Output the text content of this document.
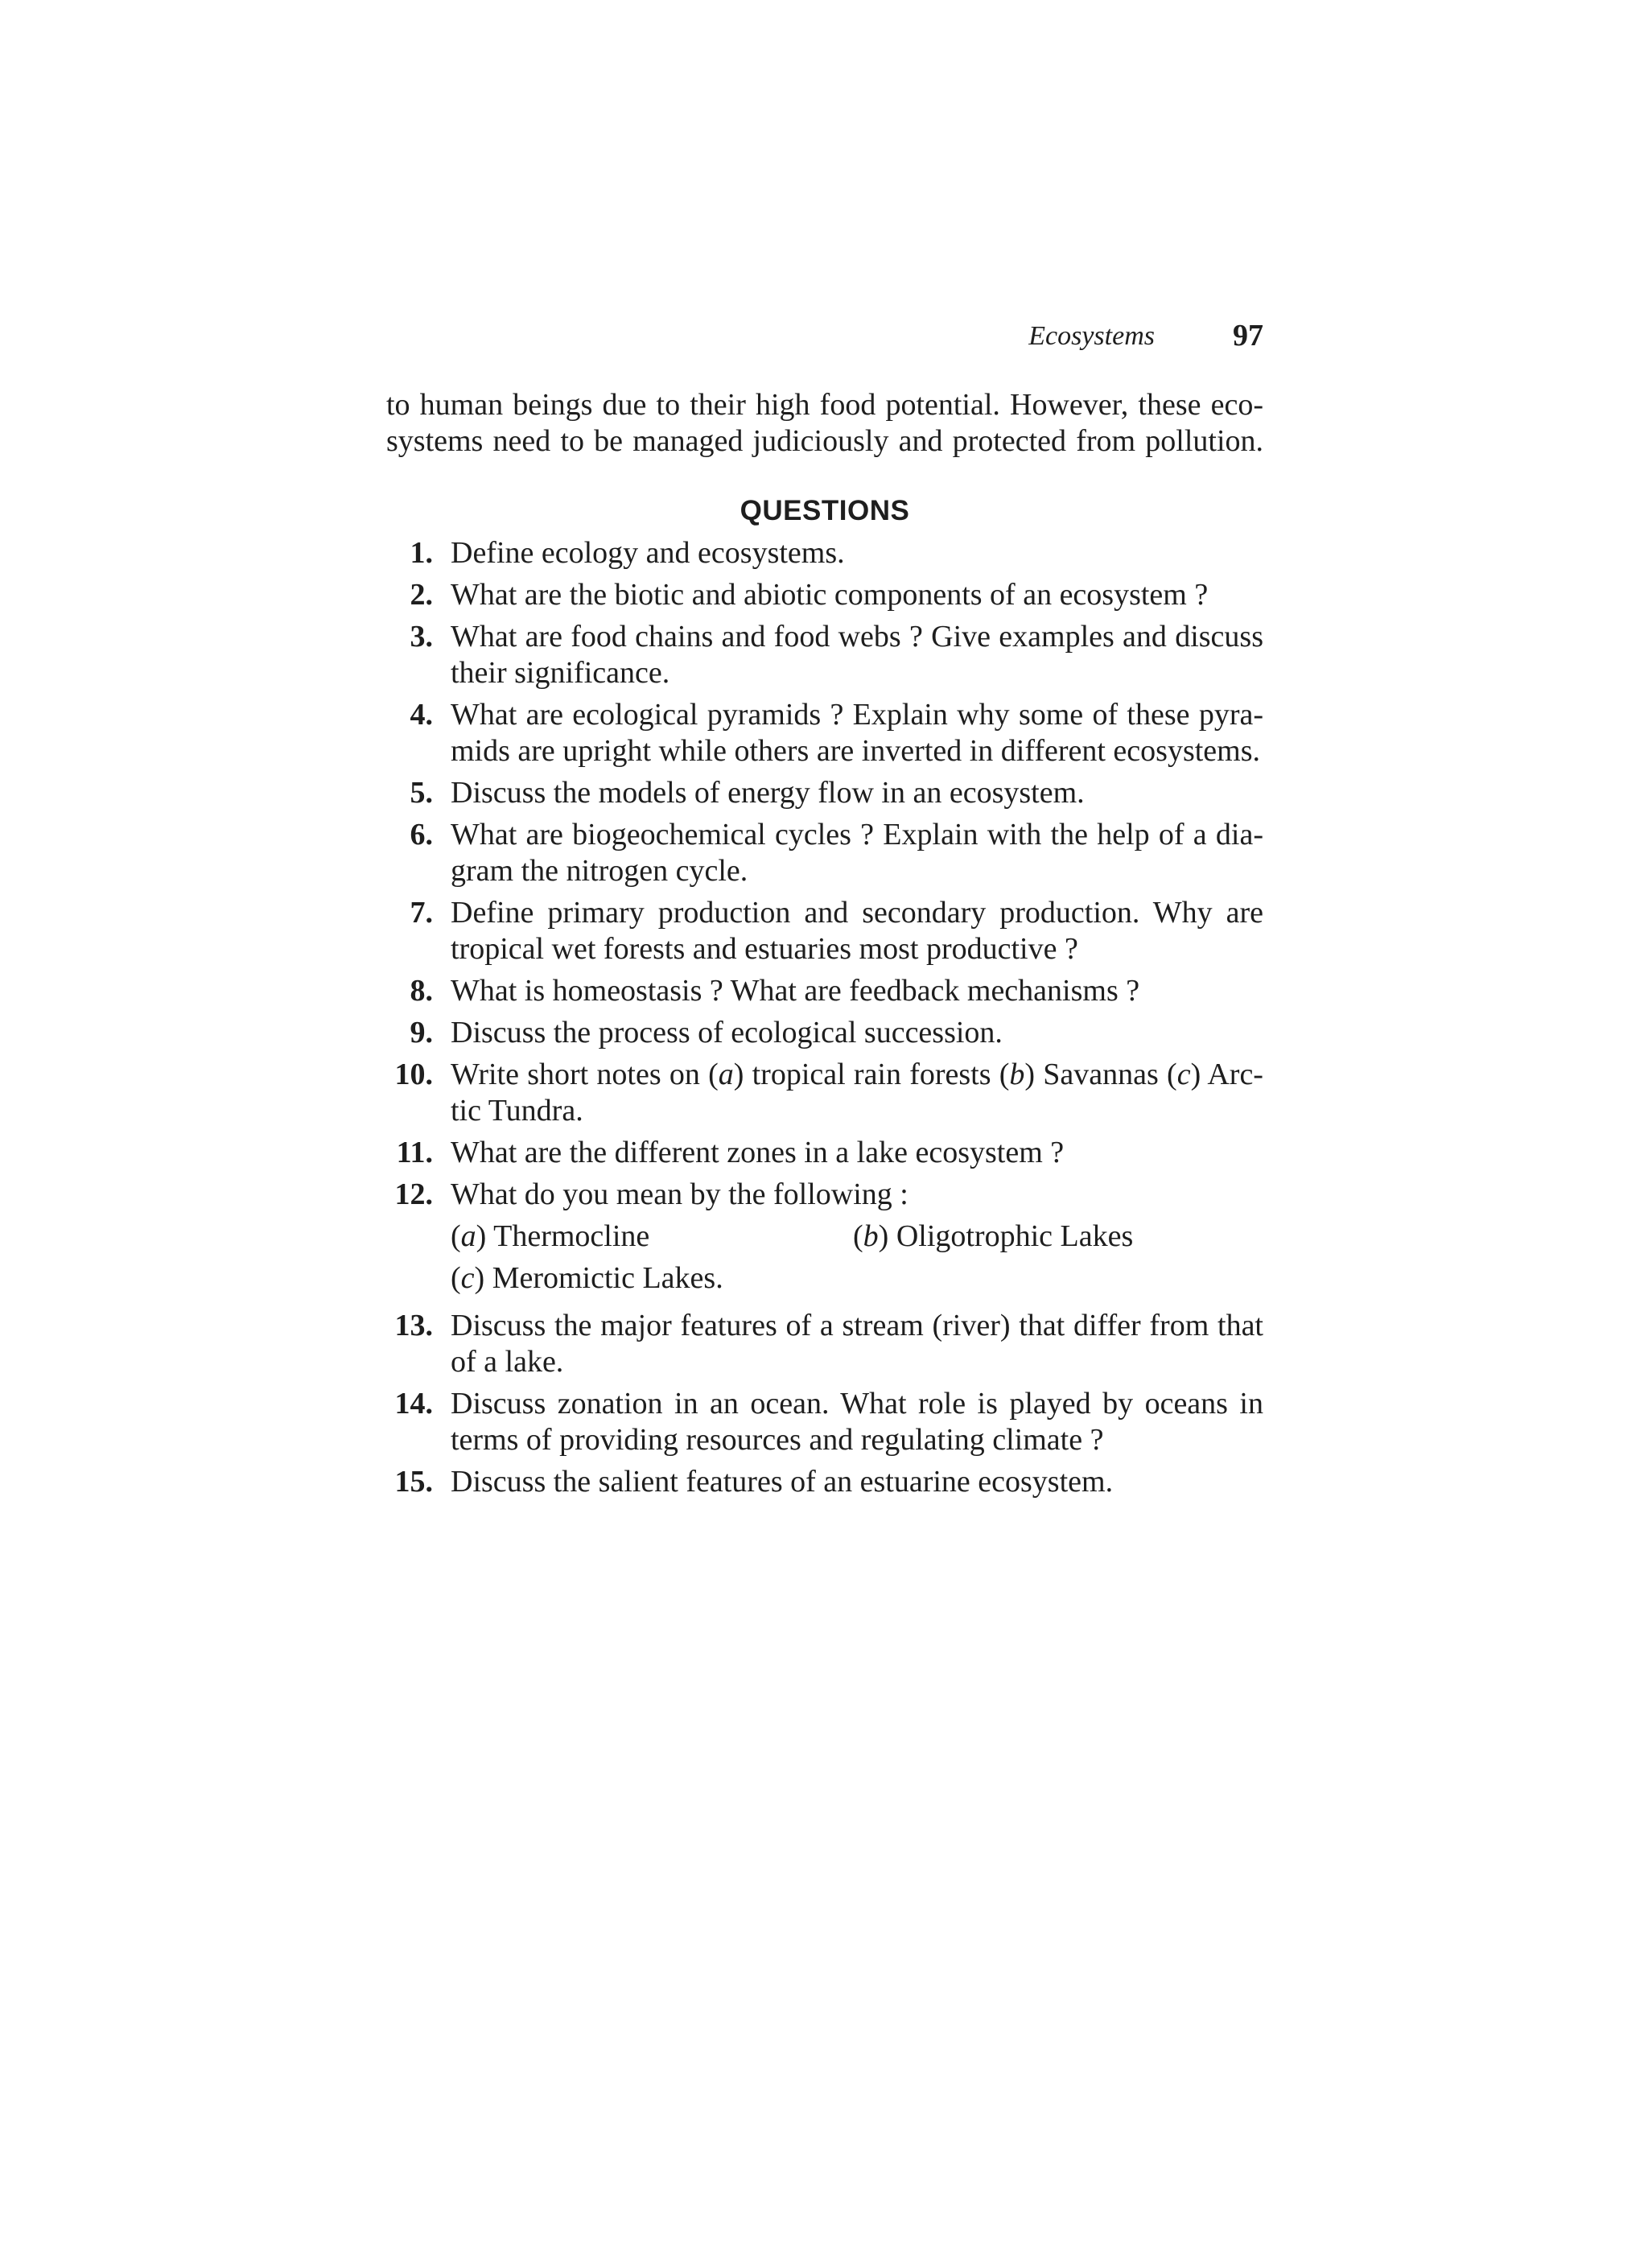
Ecosystems	97
to human beings due to their high food potential. However, these eco-
systems need to be managed judiciously and protected from pollution.
QUESTIONS
1. Define ecology and ecosystems.
2. What are the biotic and abiotic components of an ecosystem ?
3. What are food chains and food webs ? Give examples and discuss
their significance.
4. What are ecological pyramids ? Explain why some of these pyra-
mids are upright while others are inverted in different ecosystems.
5. Discuss the models of energy flow in an ecosystem.
6. What are biogeochemical cycles ? Explain with the help of a dia-
gram the nitrogen cycle.
7. Define primary production and secondary production. Why are
tropical wet forests and estuaries most productive ?
8. What is homeostasis ? What are feedback mechanisms ?
9. Discuss the process of ecological succession.
10. Write short notes on (a) tropical rain forests (b) Savannas (c) Arc-
tic Tundra.
11. What are the different zones in a lake ecosystem ?
12. What do you mean by the following :
(a) Thermocline	(b) Oligotrophic Lakes
(c) Meromictic Lakes.
13. Discuss the major features of a stream (river) that differ from that
of a lake.
14. Discuss zonation in an ocean. What role is played by oceans in
terms of providing resources and regulating climate ?
15. Discuss the salient features of an estuarine ecosystem.
